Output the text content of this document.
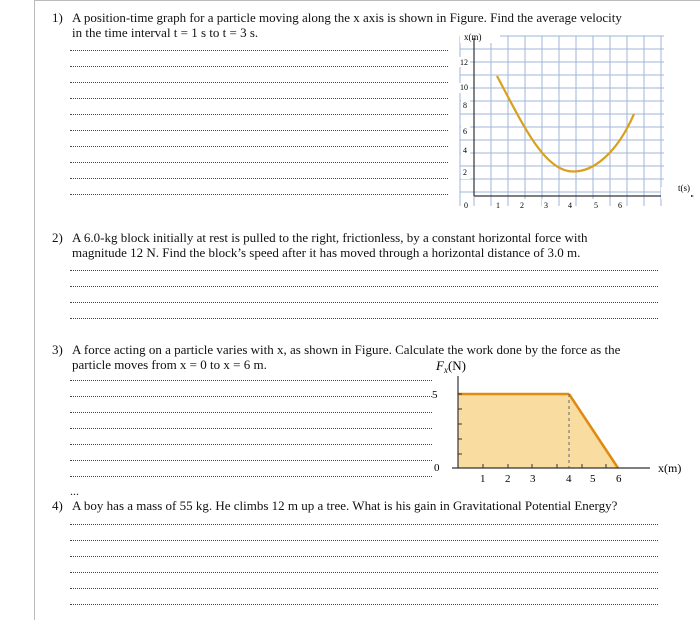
1) A position-time graph for a particle moving along the x axis is shown in Figure. Find the average velocity
in the time interval t = 1 s to t = 3 s.	x(m)
t(s)
12
10
8
6
4
2
0	1	2	3	4	5	6
2) A 6.0-kg block initially at rest is pulled to the right, frictionless, by a constant horizontal force with
magnitude 12 N. Find the block’s speed after it has moved through a horizontal distance of 3.0 m.
3) A force acting on a particle varies with x, as shown in Figure. Calculate the work done by the force as the
particle moves from x = 0 to x = 6 m.
...
$F_x(N)$
5
0
1 2 3	4 5 6
x(m)
4) A boy has a mass of 55 kg. He climbs 12 m up a tree. What is his gain in Gravitational Potential Energy?
